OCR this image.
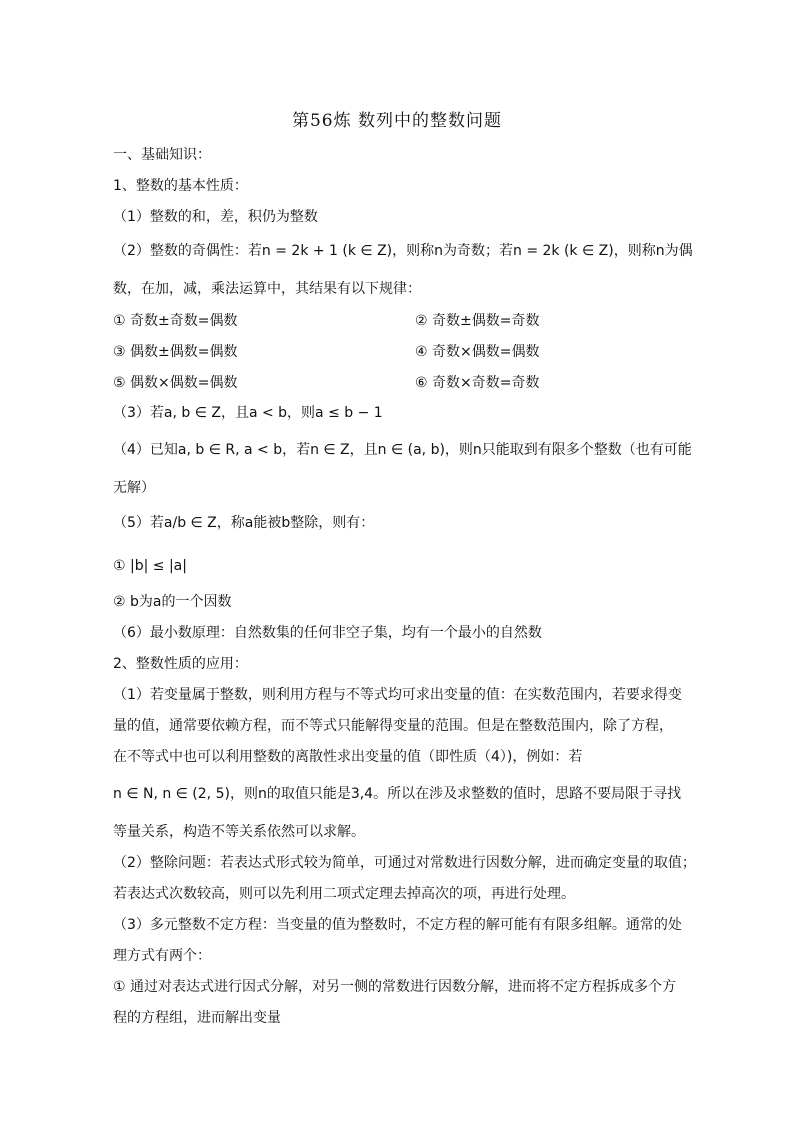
第56炼 数列中的整数问题
一、基础知识：
1、整数的基本性质：
（1）整数的和，差，积仍为整数
（2）整数的奇偶性：若n = 2k + 1 (k ∈ Z)，则称n为奇数；若n = 2k (k ∈ Z)，则称n为偶
数，在加，减，乘法运算中，其结果有以下规律：
① 奇数±奇数=偶数	② 奇数±偶数=奇数
③ 偶数±偶数=偶数	④ 奇数×偶数=偶数
⑤ 偶数×偶数=偶数	⑥ 奇数×奇数=奇数
（3）若a, b ∈ Z，且a < b，则a ≤ b − 1
（4）已知a, b ∈ R, a < b，若n ∈ Z，且n ∈ (a, b)，则n只能取到有限多个整数（也有可能
无解）
（5）若a/b ∈ Z，称a能被b整除，则有：
① |b| ≤ |a|
② b为a的一个因数
（6）最小数原理：自然数集的任何非空子集，均有一个最小的自然数
2、整数性质的应用：
（1）若变量属于整数，则利用方程与不等式均可求出变量的值：在实数范围内，若要求得变
量的值，通常要依赖方程，而不等式只能解得变量的范围。但是在整数范围内，除了方程，
在不等式中也可以利用整数的离散性求出变量的值（即性质（4）)，例如：若
n ∈ N, n ∈ (2, 5)，则n的取值只能是3,4。所以在涉及求整数的值时，思路不要局限于寻找
等量关系，构造不等关系依然可以求解。
（2）整除问题：若表达式形式较为简单，可通过对常数进行因数分解，进而确定变量的取值；
若表达式次数较高，则可以先利用二项式定理去掉高次的项，再进行处理。
（3）多元整数不定方程：当变量的值为整数时，不定方程的解可能有有限多组解。通常的处
理方式有两个：
① 通过对表达式进行因式分解，对另一侧的常数进行因数分解，进而将不定方程拆成多个方
程的方程组，进而解出变量
